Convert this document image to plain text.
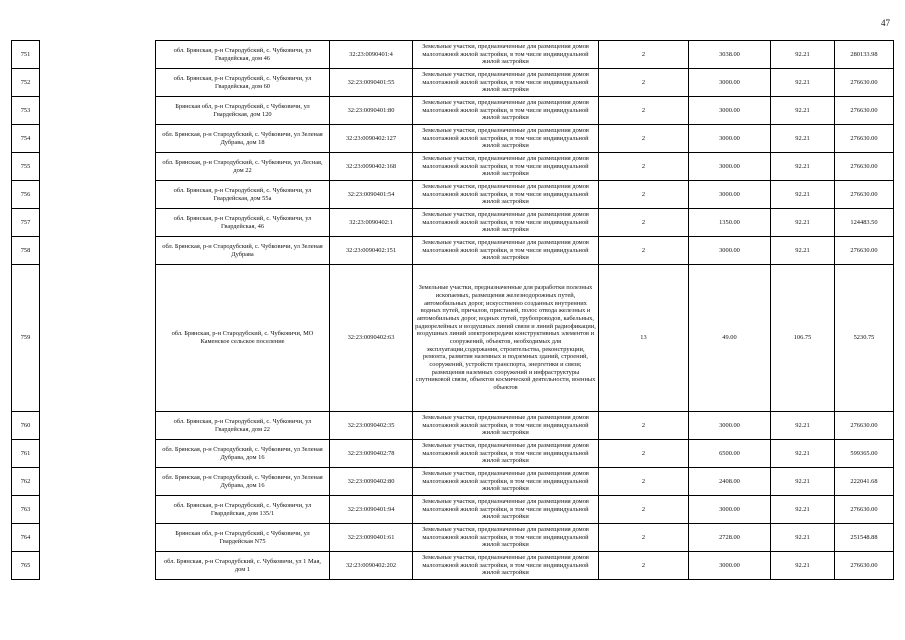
47
751		обл. Брянская, р-н Стародубский, с. Чубковичи, ул Гвардейская, дом 46	32:23:0090401:4	Земельные участки, предназначенные для размещения домов малоэтажной жилой застройки, в том числе индивидуальной жилой застройки	2	3038.00	92.21	280133.98
752		обл. Брянская, р-н Стародубский, с. Чубковичи, ул Гвардейская, дом 60	32:23:0090401:55	Земельные участки, предназначенные для размещения домов малоэтажной жилой застройки, в том числе индивидуальной жилой застройки	2	3000.00	92.21	276630.00
753		Брянская обл, р-н Стародубский, с Чубковичи, ул Гвардейская, дом 120	32:23:0090401:80	Земельные участки, предназначенные для размещения домов малоэтажной жилой застройки, в том числе индивидуальной жилой застройки	2	3000.00	92.21	276630.00
754		обл. Брянская, р-н Стародубский, с. Чубковичи, ул Зеленая Дубрава, дом 18	32:23:0090402:127	Земельные участки, предназначенные для размещения домов малоэтажной жилой застройки, в том числе индивидуальной жилой застройки	2	3000.00	92.21	276630.00
755		обл. Брянская, р-н Стародубский, с. Чубковичи, ул Лесная, дом 22	32:23:0090402:168	Земельные участки, предназначенные для размещения домов малоэтажной жилой застройки, в том числе индивидуальной жилой застройки	2	3000.00	92.21	276630.00
756		обл. Брянская, р-н Стародубский, с. Чубковичи, ул Гвардейская, дом 55а	32:23:0090401:54	Земельные участки, предназначенные для размещения домов малоэтажной жилой застройки, в том числе индивидуальной жилой застройки	2	3000.00	92.21	276630.00
757		обл. Брянская, р-н Стародубский, с. Чубковичи, ул Гвардейская, 46	32:23:0090402:1	Земельные участки, предназначенные для размещения домов малоэтажной жилой застройки, в том числе индивидуальной жилой застройки	2	1350.00	92.21	124483.50
758		обл. Брянская, р-н Стародубский, с. Чубковичи, ул Зеленая Дубрава	32:23:0090402:151	Земельные участки, предназначенные для размещения домов малоэтажной жилой застройки, в том числе индивидуальной жилой застройки	2	3000.00	92.21	276630.00
759		обл. Брянская, р-н Стародубский, с. Чубковичи, МО Каменское сельское поселение	32:23:0090402:63	Земельные участки, предназначенные для разработки полезных ископаемых, размещения железнодорожных путей, автомобильных дорог, искусственно созданных внутренних водных путей, причалов, пристаней, полос отвода железных и автомобильных дорог, водных путей, трубопроводов, кабельных, радиорелейных и воздушных линий связи и линий радиофикации, воздушных линий электропередачи конструктивных элементов и сооружений, объектов, необходимых для эксплуатации,содержания, строительства, реконструкции, ремонта, развития наземных и подземных зданий, строений, сооружений, устройств транспорта, энергетики и связи; размещения наземных сооружений и инфраструктуры спутниковой связи, объектов космической деятельности, военных объектов	13	49.00	106.75	5230.75
760		обл. Брянская, р-н Стародубский, с. Чубковичи, ул Гвардейская, дом 22	32:23:0090402:35	Земельные участки, предназначенные для размещения домов малоэтажной жилой застройки, в том числе индивидуальной жилой застройки	2	3000.00	92.21	276630.00
761		обл. Брянская, р-н Стародубский, с. Чубковичи, ул Зеленая Дубрава, дом 16	32:23:0090402:78	Земельные участки, предназначенные для размещения домов малоэтажной жилой застройки, в том числе индивидуальной жилой застройки	2	6500.00	92.21	599365.00
762		обл. Брянская, р-н Стародубский, с. Чубковичи, ул Зеленая Дубрава, дом 16	32:23:0090402:80	Земельные участки, предназначенные для размещения домов малоэтажной жилой застройки, в том числе индивидуальной жилой застройки	2	2408.00	92.21	222041.68
763		обл. Брянская, р-н Стародубский, с. Чубковичи, ул Гвардейская, дом 135/1	32:23:0090401:94	Земельные участки, предназначенные для размещения домов малоэтажной жилой застройки, в том числе индивидуальной жилой застройки	2	3000.00	92.21	276630.00
764		Брянская обл, р-н Стародубский, с Чубковичи, ул Гвардейская N75	32:23:0090401:61	Земельные участки, предназначенные для размещения домов малоэтажной жилой застройки, в том числе индивидуальной жилой застройки	2	2728.00	92.21	251548.88
765		обл. Брянская, р-н Стародубский, с. Чубковичи, ул 1 Мая, дом 1	32:23:0090402:202	Земельные участки, предназначенные для размещения домов малоэтажной жилой застройки, в том числе индивидуальной жилой застройки	2	3000.00	92.21	276630.00
